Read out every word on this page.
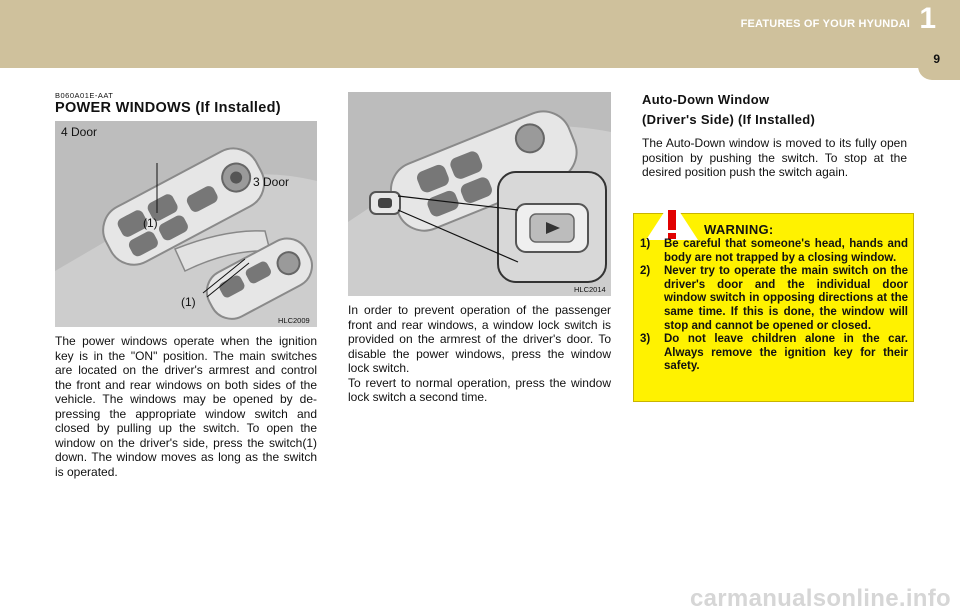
FEATURES OF YOUR HYUNDAI 1
9
B060A01E-AAT
POWER WINDOWS (If Installed)
4 Door
3 Door
(1)
(1)
HLC2009
The power windows operate when the ignition key is in the "ON" position. The main switches are located on the driver's armrest and control the front and rear windows on both sides of the vehicle. The windows may be opened by de-pressing the appropriate window switch and closed by pulling up the switch. To open the window on the driver's side, press the switch(1) down. The window moves as long as the switch is operated.
HLC2014
In order to prevent operation of the passenger front and rear windows, a window lock switch is provided on the armrest of the driver's door. To disable the power windows, press the window lock switch.
To revert to normal operation, press the window lock switch a second time.
Auto-Down Window
(Driver's Side) (If Installed)
The Auto-Down window is moved to its fully open position by pushing the switch. To stop at the desired position push the switch again.
WARNING:
1) Be careful that someone's head, hands and body are not trapped by a closing window.
2) Never try to operate the main switch on the driver's door and the individual door window switch in opposing directions at the same time. If this is done, the window will stop and cannot be opened or closed.
3) Do not leave children alone in the car. Always remove the ignition key for their safety.
carmanualsonline.info
